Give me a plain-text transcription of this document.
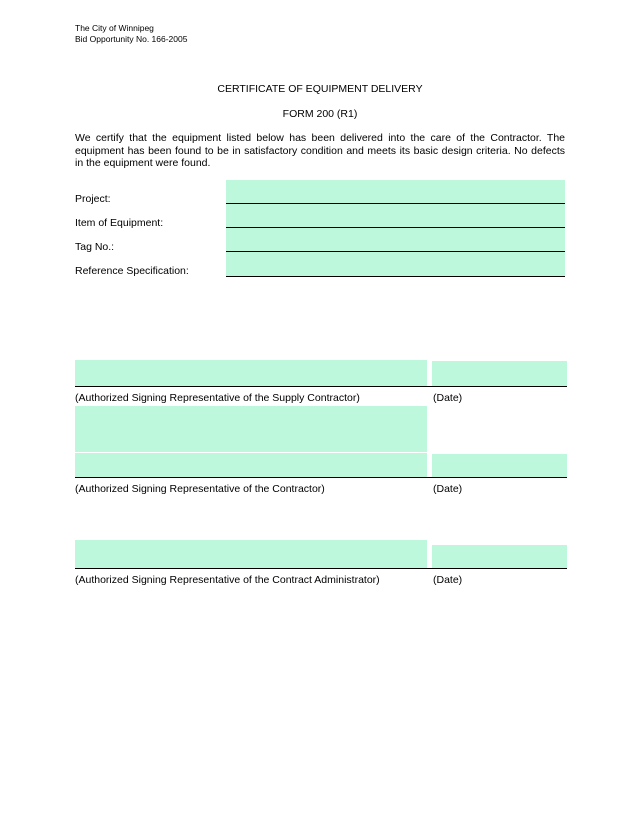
The City of Winnipeg
Bid Opportunity No. 166-2005
CERTIFICATE OF EQUIPMENT DELIVERY
FORM 200 (R1)
We certify that the equipment listed below has been delivered into the care of the Contractor. The equipment has been found to be in satisfactory condition and meets its basic design criteria. No defects in the equipment were found.
Project:
Item of Equipment:
Tag No.:
Reference Specification:
(Authorized Signing Representative of the Supply Contractor)	(Date)
(Authorized Signing Representative of the Contractor)	(Date)
(Authorized Signing Representative of the Contract Administrator)	(Date)
